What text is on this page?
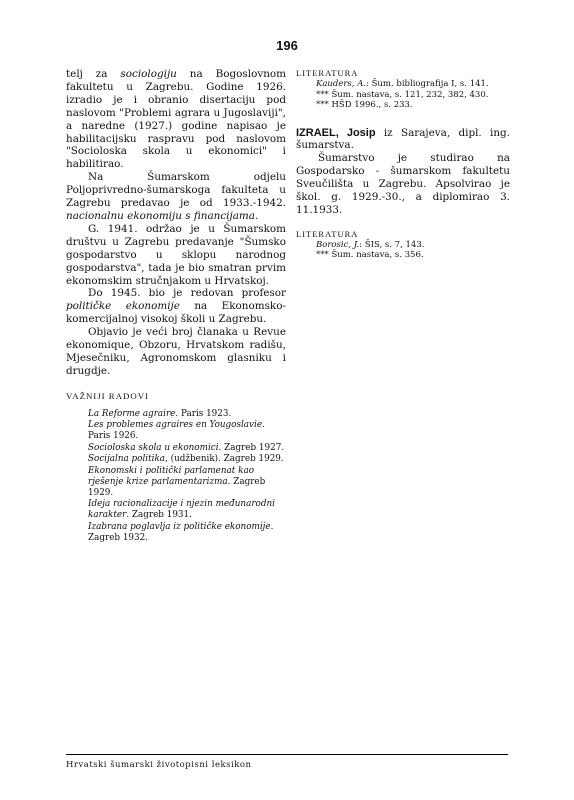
196

telj za sociologiju na Bogoslovnom fakultetu u Zagrebu. Godine 1926. izradio je i obranio disertaciju pod naslovom "Problemi agrara u Jugoslaviji", a naredne (1927.) godine napisao je habilitacijsku raspravu pod naslovom "Socioloska skola u ekonomici" i habilitirao.

Na Šumarskom odjelu Poljoprivredno-šumarskoga fakulteta u Zagrebu predavao je od 1933.-1942. nacionalnu ekonomiju s financijama.

G. 1941. održao je u Šumarskom društvu u Zagrebu predavanje "Šumsko gospodarstvo u sklopu narodnog gospodarstva", tada je bio smatran prvim ekonomskim stručnjakom u Hrvatskoj.

Do 1945. bio je redovan profesor političke ekonomije na Ekonomsko-komercijalnoj visokoj školi u Zagrebu.

Objavio je veći broj članaka u Revue ekonomique, Obzoru, Hrvatskom radišu, Mjesečniku, Agronomskom glasniku i drugdje.

VAŽNIJI RADOVI
La Reforme agraire. Paris 1923.
Les problemes agraires en Yougoslavie. Paris 1926.
Socioloska skola u ekonomici. Zagreb 1927.
Socijalna politika, (udžbenik). Zagreb 1929.
Ekonomski i politički parlamenat kao rješenje krize parlamentarizma. Zagreb 1929.
Ideja racionalizacije i njezin međunarodni karakter. Zagreb 1931.
Izabrana poglavlja iz političke ekonomije. Zagreb 1932.
LITERATURA
Kauders, A.: Šum. bibliografija I, s. 141.
*** Šum. nastava, s. 121, 232, 382, 430.
*** HŠD 1996., s. 233.
IZRAEL, Josip iz Sarajeva, dipl. ing. šumarstva.

Šumarstvo je studirao na Gospodarsko - šumarskom fakultetu Sveučilišta u Zagrebu. Apsolvirao je škol. g. 1929.-30., a diplomirao 3. 11.1933.

LITERATURA
Borosic, J.: ŠIS, s. 7, 143.
*** Šum. nastava, s. 356.
Hrvatski šumarski životopisni leksikon
